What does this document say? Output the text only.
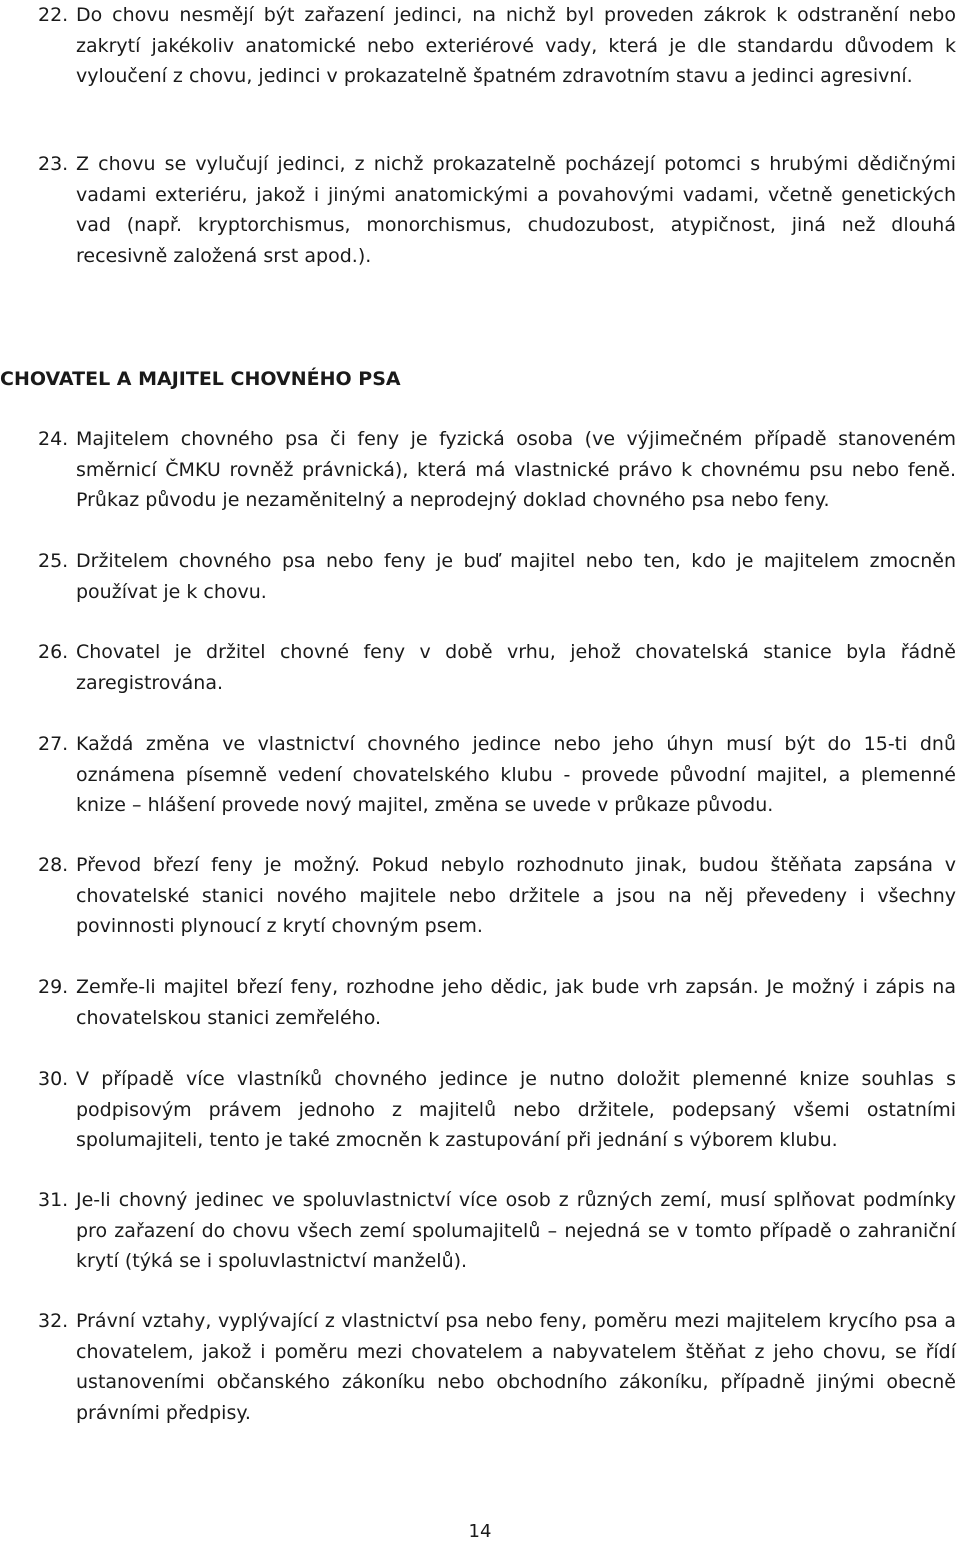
22. Do chovu nesmějí být zařazení jedinci, na nichž byl proveden zákrok k odstranění nebo zakrytí jakékoliv anatomické nebo exteriérové vady, která je dle standardu důvodem k vyloučení z chovu, jedinci v prokazatelně špatném zdravotním stavu a jedinci agresivní.

23. Z chovu se vylučují jedinci, z nichž prokazatelně pocházejí potomci s hrubými dědičnými vadami exteriéru, jakož i jinými anatomickými a povahovými vadami, včetně genetických vad (např. kryptorchismus, monorchismus, chudozubost, atypičnost, jiná než dlouhá recesivně založená srst apod.).

CHOVATEL A MAJITEL CHOVNÉHO PSA

24. Majitelem chovného psa či feny je fyzická osoba (ve výjimečném případě stanoveném směrnicí ČMKU rovněž právnická), která má vlastnické právo k chovnému psu nebo feně. Průkaz původu je nezaměnitelný a neprodejný doklad chovného psa nebo feny.

25. Držitelem chovného psa nebo feny je buď majitel nebo ten, kdo je majitelem zmocněn používat je k chovu.

26. Chovatel je držitel chovné feny v době vrhu, jehož chovatelská stanice byla řádně zaregistrována.

27. Každá změna ve vlastnictví chovného jedince nebo jeho úhyn musí být do 15-ti dnů oznámena písemně vedení chovatelského klubu - provede původní majitel, a plemenné knize – hlášení provede nový majitel, změna se uvede v průkaze původu.

28. Převod březí feny je možný. Pokud nebylo rozhodnuto jinak, budou štěňata zapsána v chovatelské stanici nového majitele nebo držitele a jsou na něj převedeny i všechny povinnosti plynoucí z krytí chovným psem.

29. Zemře-li majitel březí feny, rozhodne jeho dědic, jak bude vrh zapsán. Je možný i zápis na chovatelskou stanici zemřelého.

30. V případě více vlastníků chovného jedince je nutno doložit plemenné knize souhlas s podpisovým právem jednoho z majitelů nebo držitele, podepsaný všemi ostatními spolumajiteli, tento je také zmocněn k zastupování při jednání s výborem klubu.

31. Je-li chovný jedinec ve spoluvlastnictví více osob z různých zemí, musí splňovat podmínky pro zařazení do chovu všech zemí spolumajitelů – nejedná se v tomto případě o zahraniční krytí (týká se i spoluvlastnictví manželů).

32. Právní vztahy, vyplývající z vlastnictví psa nebo feny, poměru mezi majitelem krycího psa a chovatelem, jakož i poměru mezi chovatelem a nabyvatelem štěňat z jeho chovu, se řídí ustanoveními občanského zákoníku nebo obchodního zákoníku, případně jinými obecně právními předpisy.

14
